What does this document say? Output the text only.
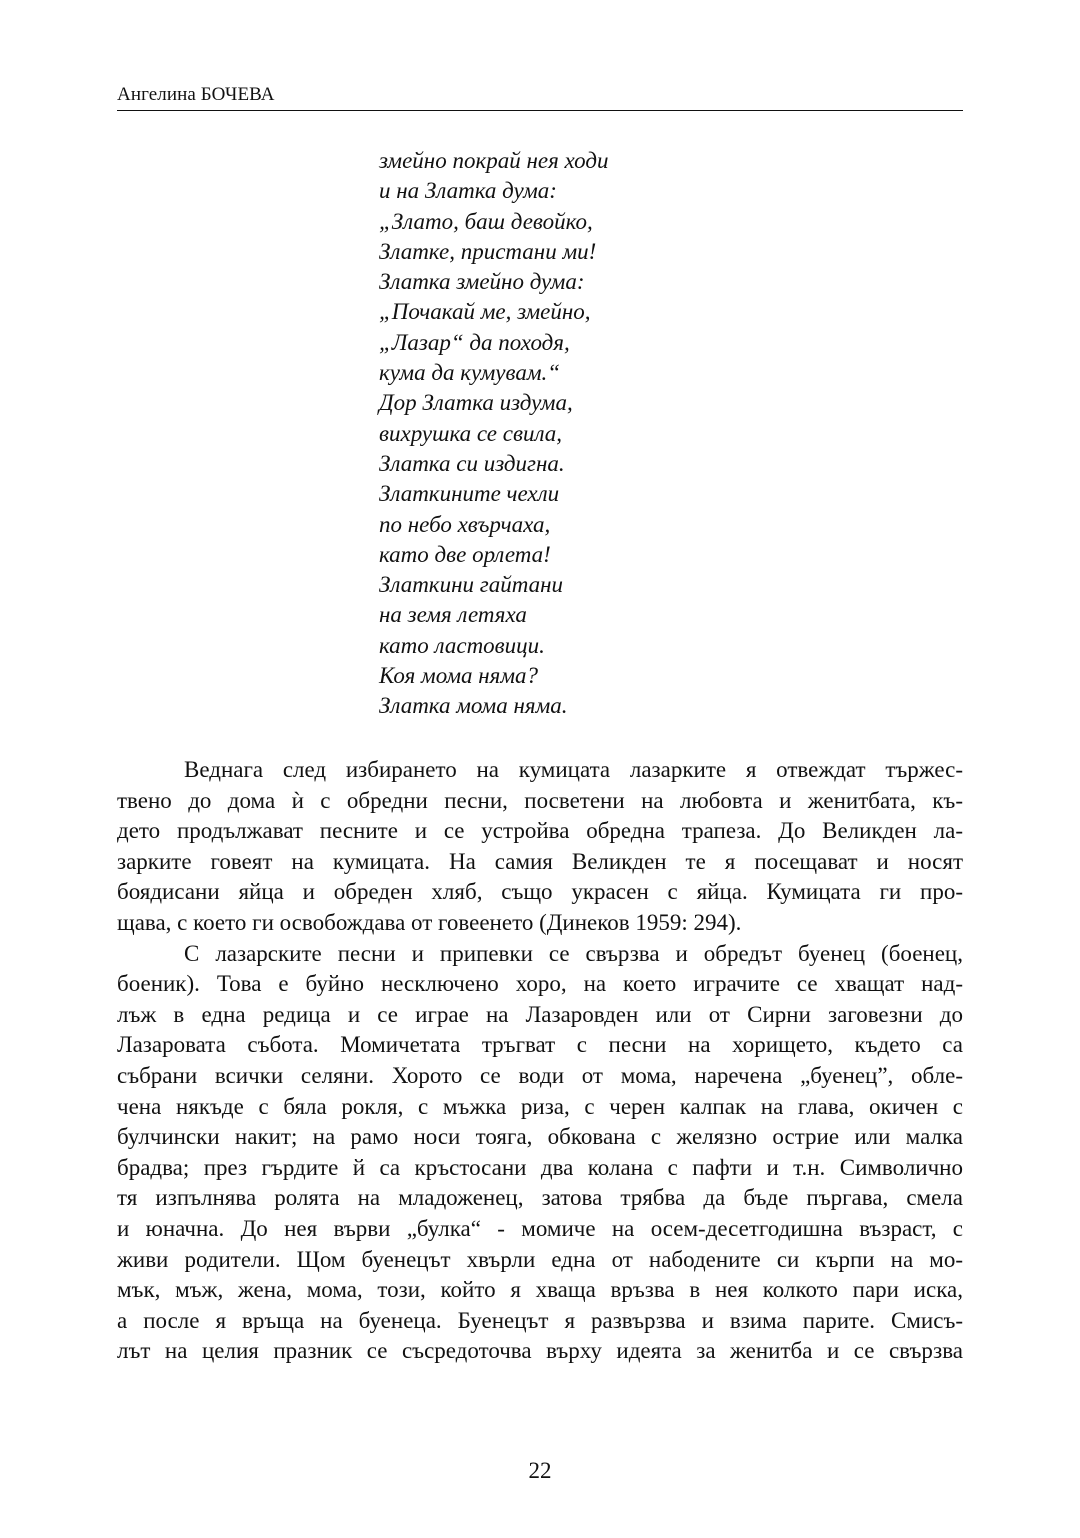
Ангелина БОЧЕВА
змейно покрай нея ходи
и на Златка дума:
„Злато, баш девойко,
Златке, пристани ми!
Златка змейно дума:
„Почакай ме, змейно,
„Лазар“ да походя,
кума да кумувам.“
Дор Златка издума,
вихрушка се свила,
Златка си издигна.
Златкините чехли
по небо хвърчаха,
като две орлета!
Златкини гайтани
на земя летяха
като ластовици.
Коя мома няма?
Златка мома няма.
Веднага след избирането на кумицата лазарките я отвеждат тържес-
твено до дома ѝ с обредни песни, посветени на любовта и женитбата, къ-
дето продължават песните и се устройва обредна трапеза. До Великден ла-
зарките говеят на кумицата. На самия Великден те я посещават и носят
боядисани яйца и обреден хляб, също украсен с яйца. Кумицата ги про-
щава, с което ги освобождава от говеенето (Динеков 1959: 294).
С лазарските песни и припевки се свързва и обредът буенец (боенец,
боеник). Това е буйно несключено хоро, на което играчите се хващат над-
лъж в една редица и се играе на Лазаровден или от Сирни заговезни до
Лазаровата събота. Момичетата тръгват с песни на хорището, където са
събрани всички селяни. Хорото се води от мома, наречена „буенец”, обле-
чена някъде с бяла рокля, с мъжка риза, с черен калпак на глава, окичен с
булчински накит; на рамо носи тояга, обкована с желязно острие или малка
брадва; през гърдите й са кръстосани два колана с пафти и т.н. Символично
тя изпълнява ролята на младоженец, затова трябва да бъде пъргава, смела
и юначна. До нея върви „булка“ - момиче на осем-десетгодишна възраст, с
живи родители. Щом буенецът хвърли една от набодените си кърпи на мо-
мък, мъж, жена, мома, този, който я хваща връзва в нея колкото пари иска,
а после я връща на буенеца. Буенецът я развързва и взима парите. Смисъ-
лът на целия празник се съсредоточва върху идеята за женитба и се свързва
22
